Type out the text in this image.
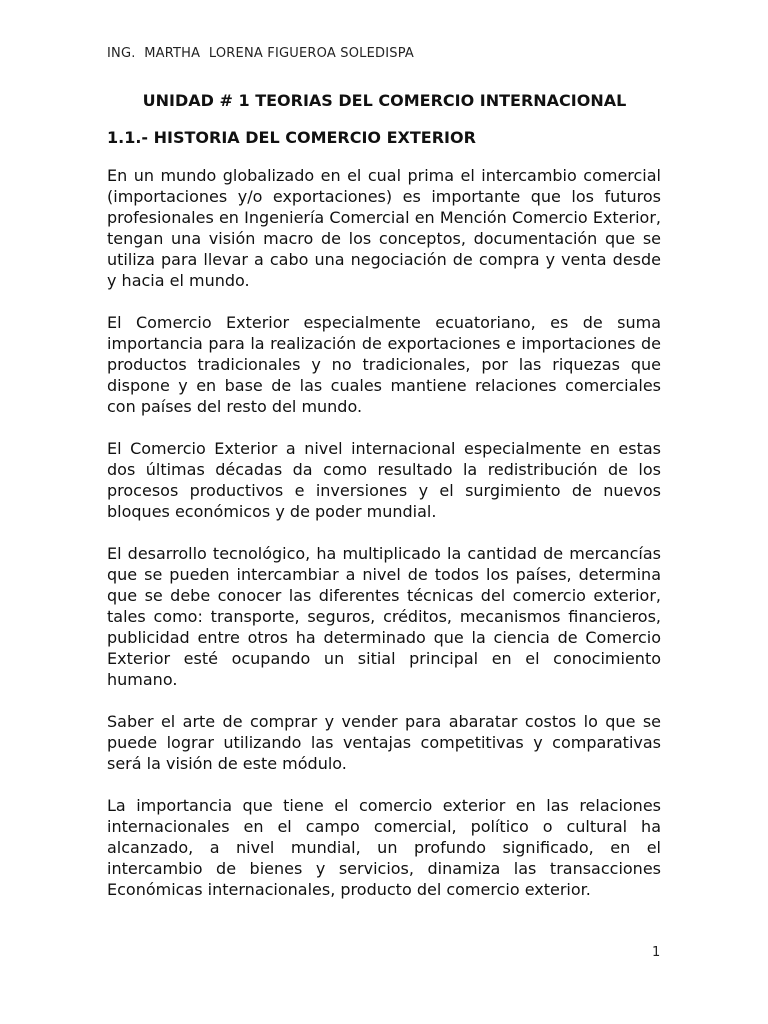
ING.  MARTHA  LORENA FIGUEROA SOLEDISPA
UNIDAD # 1 TEORIAS DEL COMERCIO INTERNACIONAL
1.1.- HISTORIA DEL COMERCIO EXTERIOR

En un mundo globalizado en el cual prima el intercambio comercial (importaciones y/o exportaciones) es importante que los futuros profesionales en Ingeniería Comercial en Mención Comercio Exterior, tengan una visión macro de los conceptos, documentación que se utiliza para llevar a cabo una negociación de compra y venta desde y hacia el mundo.

El Comercio Exterior especialmente ecuatoriano, es de suma importancia para la realización de exportaciones e importaciones de productos tradicionales y no tradicionales, por las riquezas que dispone y en base de las cuales mantiene relaciones comerciales con países del resto del mundo.

El Comercio Exterior a nivel internacional especialmente en estas dos últimas décadas da como resultado la redistribución de los procesos productivos e inversiones y el surgimiento de nuevos bloques económicos y de poder mundial.

El desarrollo tecnológico, ha multiplicado la cantidad de mercancías que se pueden intercambiar a nivel de todos los países, determina que se debe conocer las diferentes técnicas del comercio exterior, tales como: transporte, seguros, créditos, mecanismos financieros, publicidad entre otros ha determinado que la ciencia de Comercio Exterior esté ocupando un sitial principal en el conocimiento humano.

Saber el arte de comprar y vender para abaratar costos lo que se puede lograr utilizando las ventajas competitivas y comparativas será la visión de este módulo.

La importancia que tiene el comercio exterior en las relaciones internacionales en el campo comercial, político o cultural ha alcanzado, a nivel mundial, un profundo significado, en el intercambio de bienes y servicios, dinamiza las transacciones Económicas internacionales, producto del comercio exterior.

1
